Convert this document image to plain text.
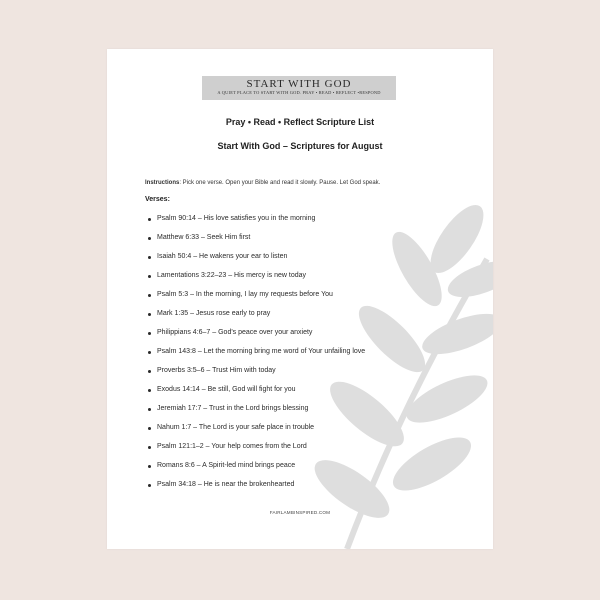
START WITH GOD
A QUIET PLACE TO START WITH GOD. PRAY • READ • REFLECT •RESPOND
Pray • Read • Reflect Scripture List
Start With God – Scriptures for August
Instructions: Pick one verse. Open your Bible and read it slowly. Pause. Let God speak.
Verses:
Psalm 90:14 – His love satisfies you in the morning
Matthew 6:33 – Seek Him first
Isaiah 50:4 – He wakens your ear to listen
Lamentations 3:22–23 – His mercy is new today
Psalm 5:3 – In the morning, I lay my requests before You
Mark 1:35 – Jesus rose early to pray
Philippians 4:6–7 – God's peace over your anxiety
Psalm 143:8 – Let the morning bring me word of Your unfailing love
Proverbs 3:5–6 – Trust Him with today
Exodus 14:14 – Be still, God will fight for you
Jeremiah 17:7 – Trust in the Lord brings blessing
Nahum 1:7 – The Lord is your safe place in trouble
Psalm 121:1–2 – Your help comes from the Lord
Romans 8:6 – A Spirit-led mind brings peace
Psalm 34:18 – He is near the brokenhearted
FAIRLAMBINSPIRED.COM
